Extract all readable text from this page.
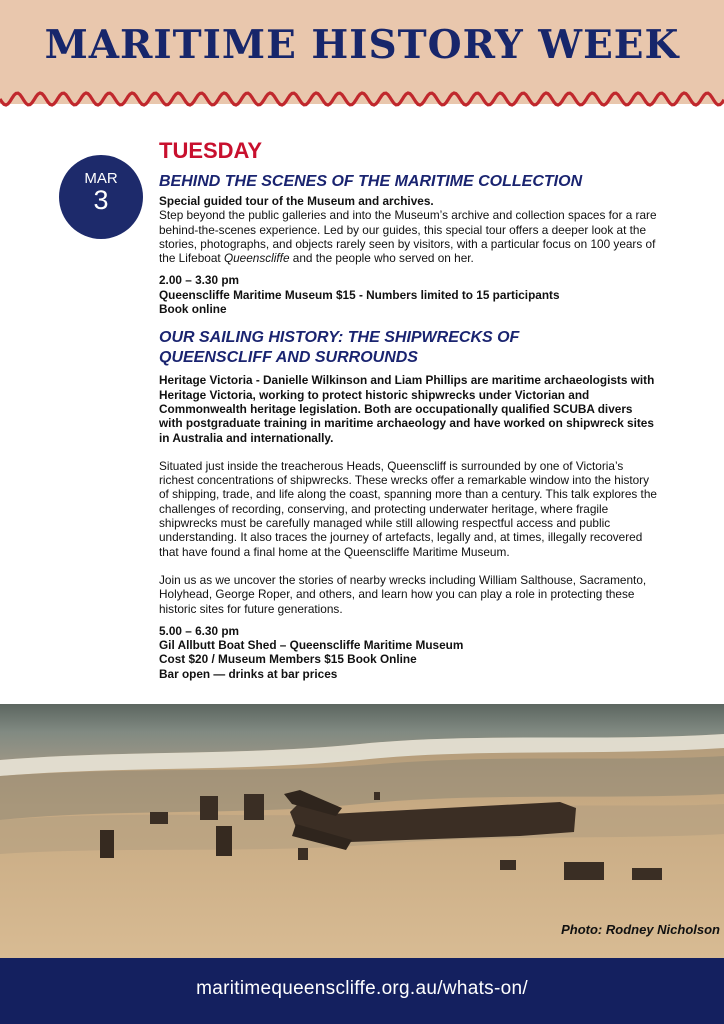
MARITIME HISTORY WEEK
MAR
3
TUESDAY
BEHIND THE SCENES OF THE MARITIME COLLECTION

Special guided tour of the Museum and archives.

Step beyond the public galleries and into the Museum’s archive and collection spaces for a rare behind-the-scenes experience. Led by our guides, this special tour offers a deeper look at the stories, photographs, and objects rarely seen by visitors, with a particular focus on 100 years of the Lifeboat Queenscliffe and the people who served on her.

2.00 – 3.30 pm

Queenscliffe Maritime Museum $15 - Numbers limited to 15 participants

Book online

OUR SAILING HISTORY: THE SHIPWRECKS OF
QUEENSCLIFF AND SURROUNDS

Heritage Victoria - Danielle Wilkinson and Liam Phillips are maritime archaeologists with Heritage Victoria, working to protect historic shipwrecks under Victorian and Commonwealth heritage legislation. Both are occupationally qualified SCUBA divers with postgraduate training in maritime archaeology and have worked on shipwreck sites in Australia and internationally.

Situated just inside the treacherous Heads, Queenscliff is surrounded by one of Victoria’s richest concentrations of shipwrecks. These wrecks offer a remarkable window into the history of shipping, trade, and life along the coast, spanning more than a century. This talk explores the challenges of recording, conserving, and protecting underwater heritage, where fragile shipwrecks must be carefully managed while still allowing respectful access and public understanding. It also traces the journey of artefacts, legally and, at times, illegally recovered that have found a final home at the Queenscliffe Maritime Museum.

Join us as we uncover the stories of nearby wrecks including William Salthouse, Sacramento, Holyhead, George Roper, and others, and learn how you can play a role in protecting these historic sites for future generations.

5.00 – 6.30 pm

Gil Allbutt Boat Shed – Queenscliffe Maritime Museum

Cost $20 / Museum Members $15 Book Online

Bar open — drinks at bar prices

Photo: Rodney Nicholson
maritimequeenscliffe.org.au/whats-on/
